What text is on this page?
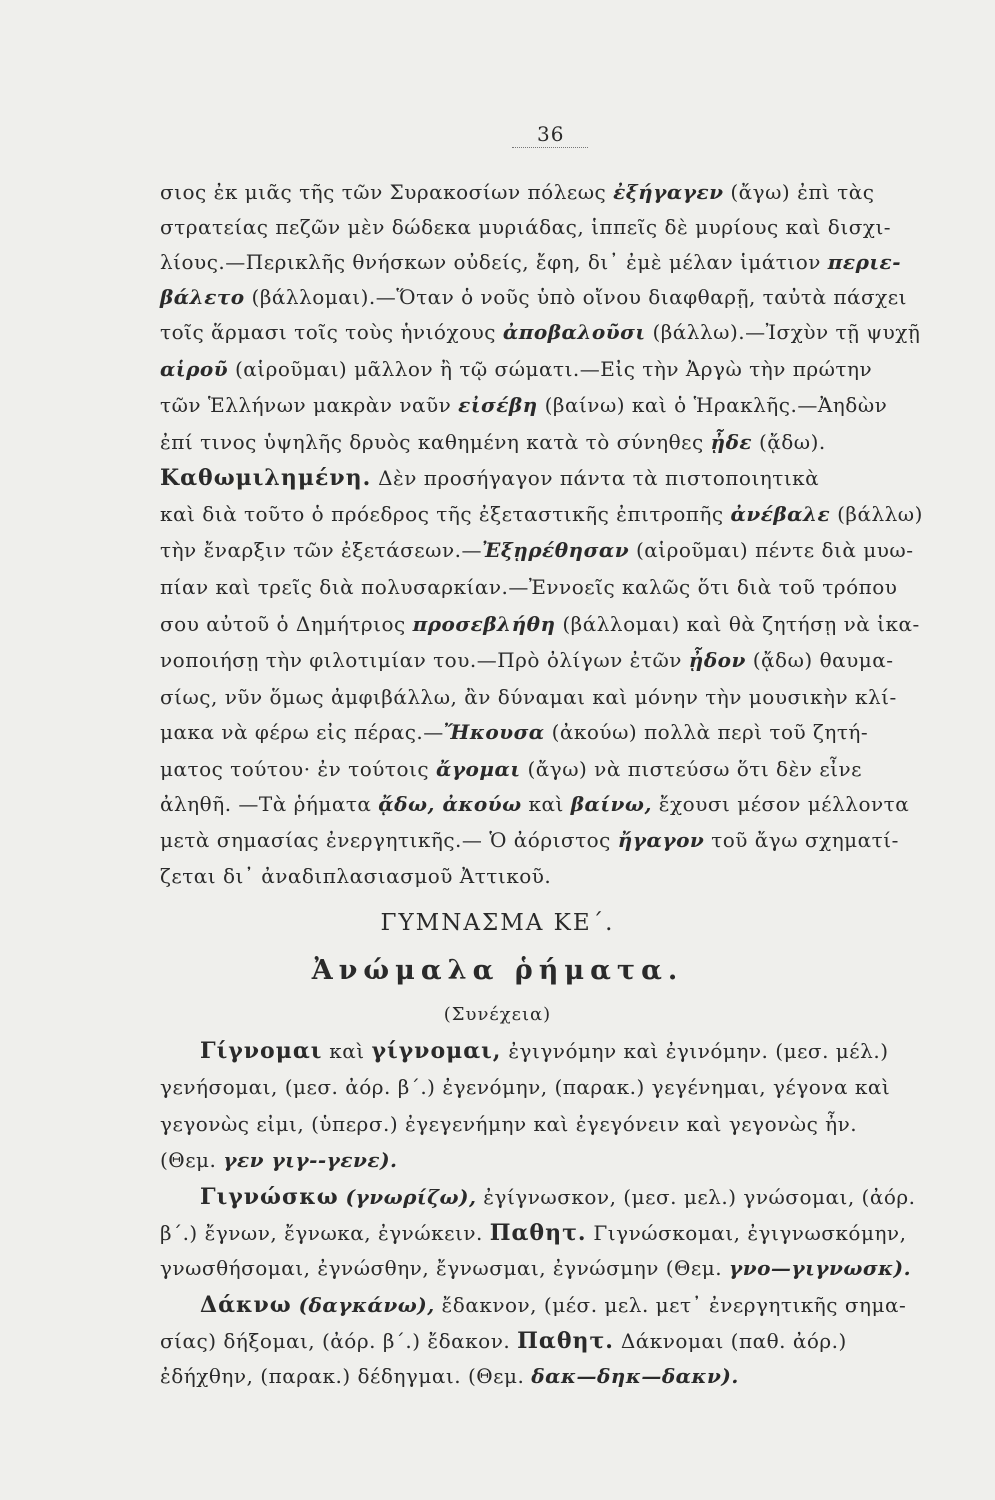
36
σιος ἐκ μιᾶς τῆς τῶν Συρακοσίων πόλεως ἐξήγαγεν (ἄγω) ἐπὶ τὰς
στρατείας πεζῶν μὲν δώδεκα μυριάδας, ἱππεῖς δὲ μυρίους καὶ δισχι-
λίους.—Περικλῆς θνήσκων οὐδείς, ἔφη, δι᾽ ἐμὲ μέλαν ἱμάτιον περιε-
βάλετο (βάλλομαι).—Ὅταν ὁ νοῦς ὑπὸ οἴνου διαφθαρῇ, ταὐτὰ πάσχει
τοῖς ἅρμασι τοῖς τοὺς ἡνιόχους ἀποβαλοῦσι (βάλλω).—Ἰσχὺν τῇ ψυχῇ
αἱροῦ (αἱροῦμαι) μᾶλλον ἢ τῷ σώματι.—Εἰς τὴν Ἀργὼ τὴν πρώτην
τῶν Ἑλλήνων μακρὰν ναῦν εἰσέβη (βαίνω) καὶ ὁ Ἡρακλῆς.—Ἀηδὼν
ἐπί τινος ὑψηλῆς δρυὸς καθημένη κατὰ τὸ σύνηθες ᾖδε (ᾄδω).
Καθωμιλημένη. Δὲν προσήγαγον πάντα τὰ πιστοποιητικὰ
καὶ διὰ τοῦτο ὁ πρόεδρος τῆς ἐξεταστικῆς ἐπιτροπῆς ἀνέβαλε (βάλλω)
τὴν ἔναρξιν τῶν ἐξετάσεων.—Ἐξῃρέθησαν (αἱροῦμαι) πέντε διὰ μυω-
πίαν καὶ τρεῖς διὰ πολυσαρκίαν.—Ἐννοεῖς καλῶς ὅτι διὰ τοῦ τρόπου
σου αὐτοῦ ὁ Δημήτριος προσεβλήθη (βάλλομαι) καὶ θὰ ζητήσῃ νὰ ἱκα-
νοποιήσῃ τὴν φιλοτιμίαν του.—Πρὸ ὀλίγων ἐτῶν ᾖδον (ᾄδω) θαυμα-
σίως, νῦν ὅμως ἀμφιβάλλω, ἂν δύναμαι καὶ μόνην τὴν μουσικὴν κλί-
μακα νὰ φέρω εἰς πέρας.—Ἤκουσα (ἀκούω) πολλὰ περὶ τοῦ ζητή-
ματος τούτου· ἐν τούτοις ἄγομαι (ἄγω) νὰ πιστεύσω ὅτι δὲν εἶνε
ἀληθῆ. —Τὰ ῥήματα ᾄδω, ἀκούω καὶ βαίνω, ἔχουσι μέσον μέλλοντα
μετὰ σημασίας ἐνεργητικῆς.— Ὁ ἀόριστος ἤγαγον τοῦ ἄγω σχηματί-
ζεται δι᾽ ἀναδιπλασιασμοῦ Ἀττικοῦ.
ΓΥΜΝΑΣΜΑ ΚΕ΄.
Ἀνώμαλα ῥήματα.
(Συνέχεια)
Γίγνομαι καὶ γίγνομαι, ἐγιγνόμην καὶ ἐγινόμην. (μεσ. μέλ.)
γενήσομαι, (μεσ. ἀόρ. β΄.) ἐγενόμην, (παρακ.) γεγένημαι, γέγονα καὶ
γεγονὼς εἰμι, (ὑπερσ.) ἐγεγενήμην καὶ ἐγεγόνειν καὶ γεγονὼς ἦν.
(Θεμ. γεν γιγ--γενε).
Γιγνώσκω (γνωρίζω), ἐγίγνωσκον, (μεσ. μελ.) γνώσομαι, (ἀόρ.
β΄.) ἔγνων, ἔγνωκα, ἐγνώκειν. Παθητ. Γιγνώσκομαι, ἐγιγνωσκόμην,
γνωσθήσομαι, ἐγνώσθην, ἔγνωσμαι, ἐγνώσμην (Θεμ. γνο—γιγνωσκ).
Δάκνω (δαγκάνω), ἔδακνον, (μέσ. μελ. μετ᾽ ἐνεργητικῆς σημα-
σίας) δήξομαι, (ἀόρ. β΄.) ἔδακον. Παθητ. Δάκνομαι (παθ. ἀόρ.)
ἐδήχθην, (παρακ.) δέδηγμαι. (Θεμ. δακ—δηκ—δακν).
